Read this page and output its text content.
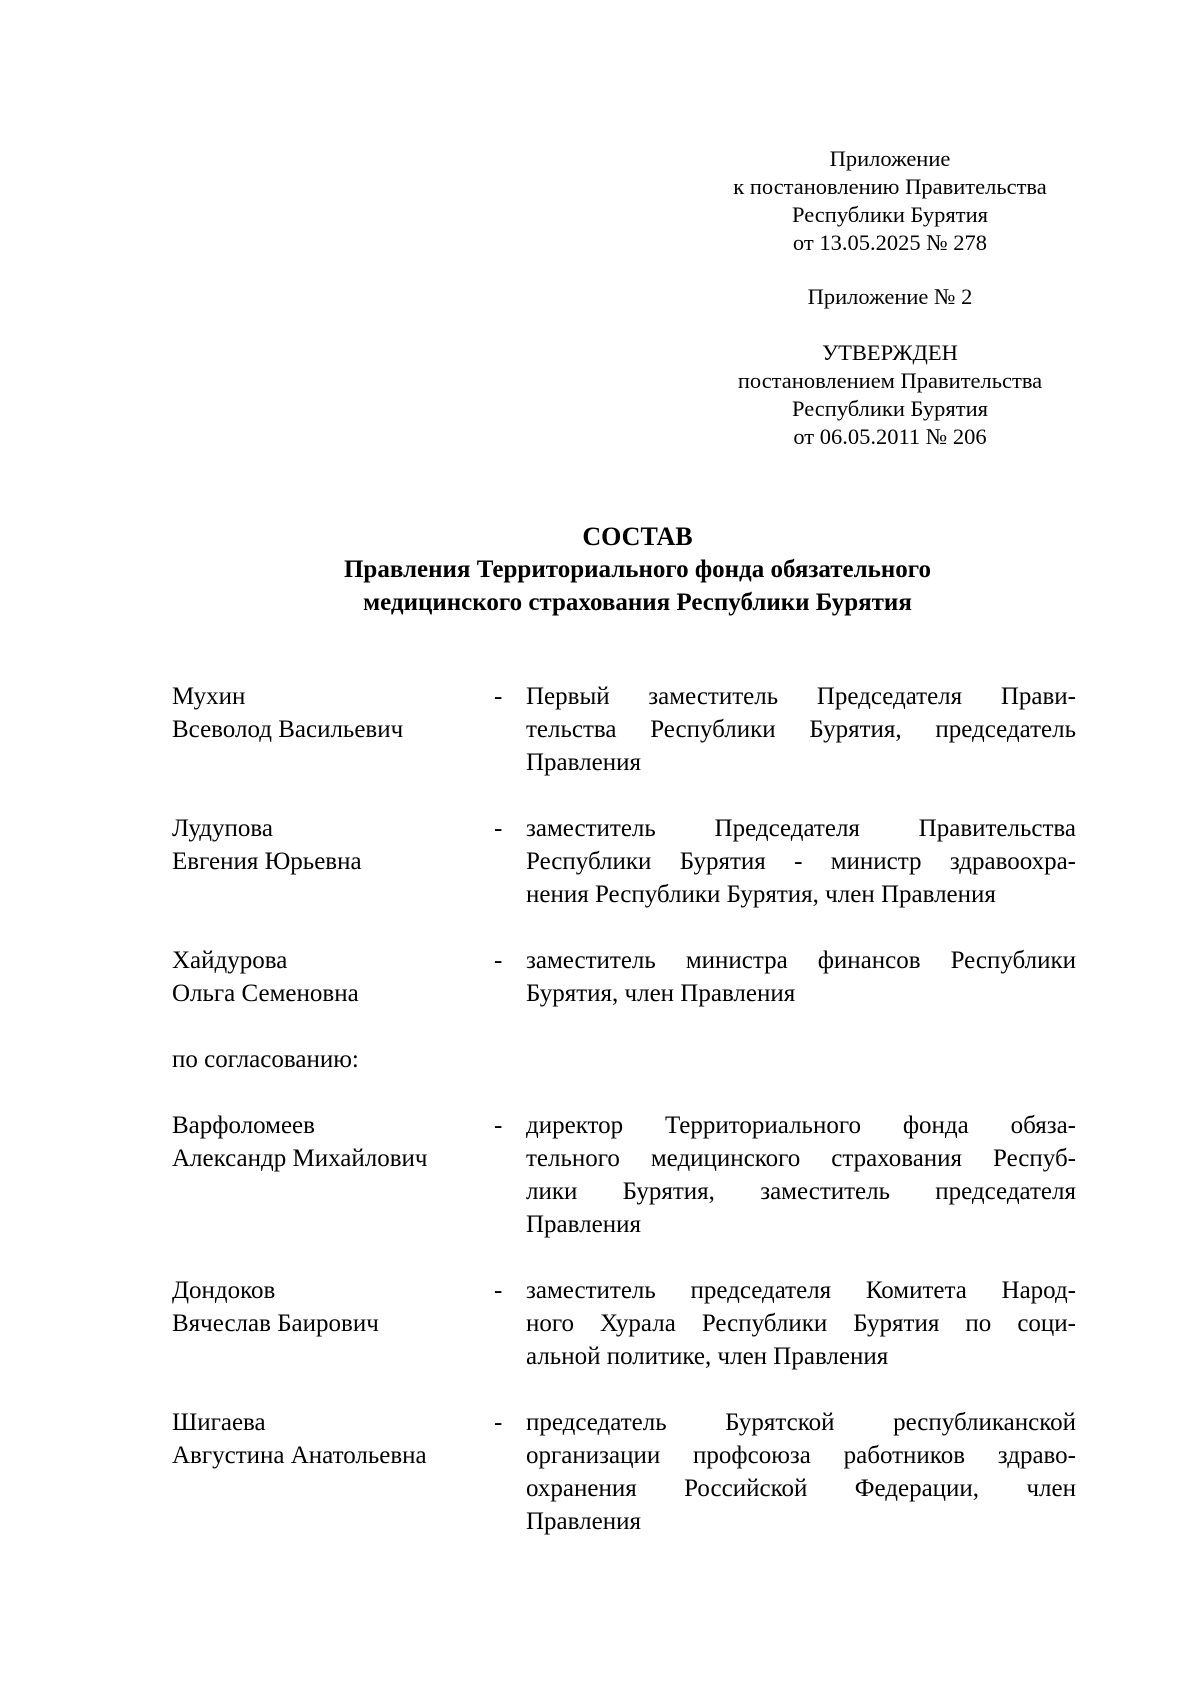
Приложение
к постановлению Правительства
Республики Бурятия
от 13.05.2025 № 278
Приложение № 2
УТВЕРЖДЕН
постановлением Правительства
Республики Бурятия
от 06.05.2011 № 206
СОСТАВ
Правления Территориального фонда обязательного
медицинского страхования Республики Бурятия
Мухин
Всеволод Васильевич
- Первый заместитель Председателя Прави-
тельства Республики Бурятия, председатель
Правления
Лудупова
Евгения Юрьевна
- заместитель Председателя Правительства
Республики Бурятия - министр здравоохра-
нения Республики Бурятия, член Правления
Хайдурова
Ольга Семеновна
- заместитель министра финансов Республики
Бурятия, член Правления
по согласованию:
Варфоломеев
Александр Михайлович
- директор Территориального фонда обяза-
тельного медицинского страхования Респуб-
лики Бурятия, заместитель председателя
Правления
Дондоков
Вячеслав Баирович
- заместитель председателя Комитета Народ-
ного Хурала Республики Бурятия по соци-
альной политике, член Правления
Шигаева
Августина Анатольевна
- председатель Бурятской республиканской
организации профсоюза работников здраво-
охранения Российской Федерации, член
Правления
